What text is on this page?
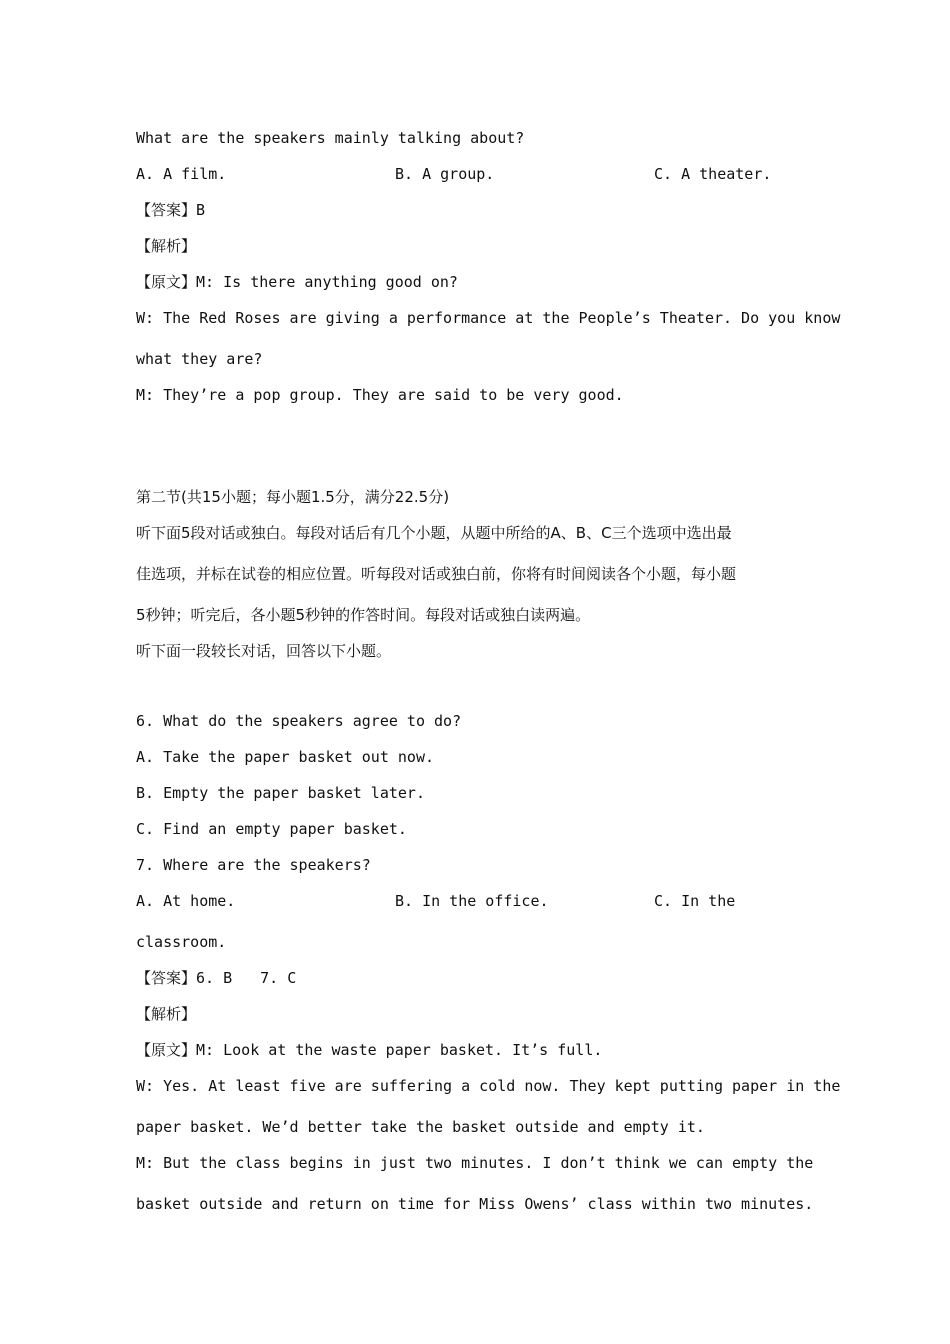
What are the speakers mainly talking about?
A. A film.	B. A group.	C. A theater.
【答案】B
【解析】
【原文】M: Is there anything good on?
W: The Red Roses are giving a performance at the People’s Theater. Do you know
what they are?
M: They’re a pop group. They are said to be very good.
第二节(共15小题；每小题1.5分，满分22.5分)
听下面5段对话或独白。每段对话后有几个小题，从题中所给的A、B、C三个选项中选出最
佳选项，并标在试卷的相应位置。听每段对话或独白前，你将有时间阅读各个小题，每小题
5秒钟；听完后，各小题5秒钟的作答时间。每段对话或独白读两遍。
听下面一段较长对话，回答以下小题。
6. What do the speakers agree to do?
A. Take the paper basket out now.
B. Empty the paper basket later.
C. Find an empty paper basket.
7. Where are the speakers?
A. At home.	B. In the office.	C. In the
classroom.
【答案】6. B 7. C
【解析】
【原文】M: Look at the waste paper basket. It’s full.
W: Yes. At least five are suffering a cold now. They kept putting paper in the
paper basket. We’d better take the basket outside and empty it.
M: But the class begins in just two minutes. I don’t think we can empty the
basket outside and return on time for Miss Owens’ class within two minutes.
